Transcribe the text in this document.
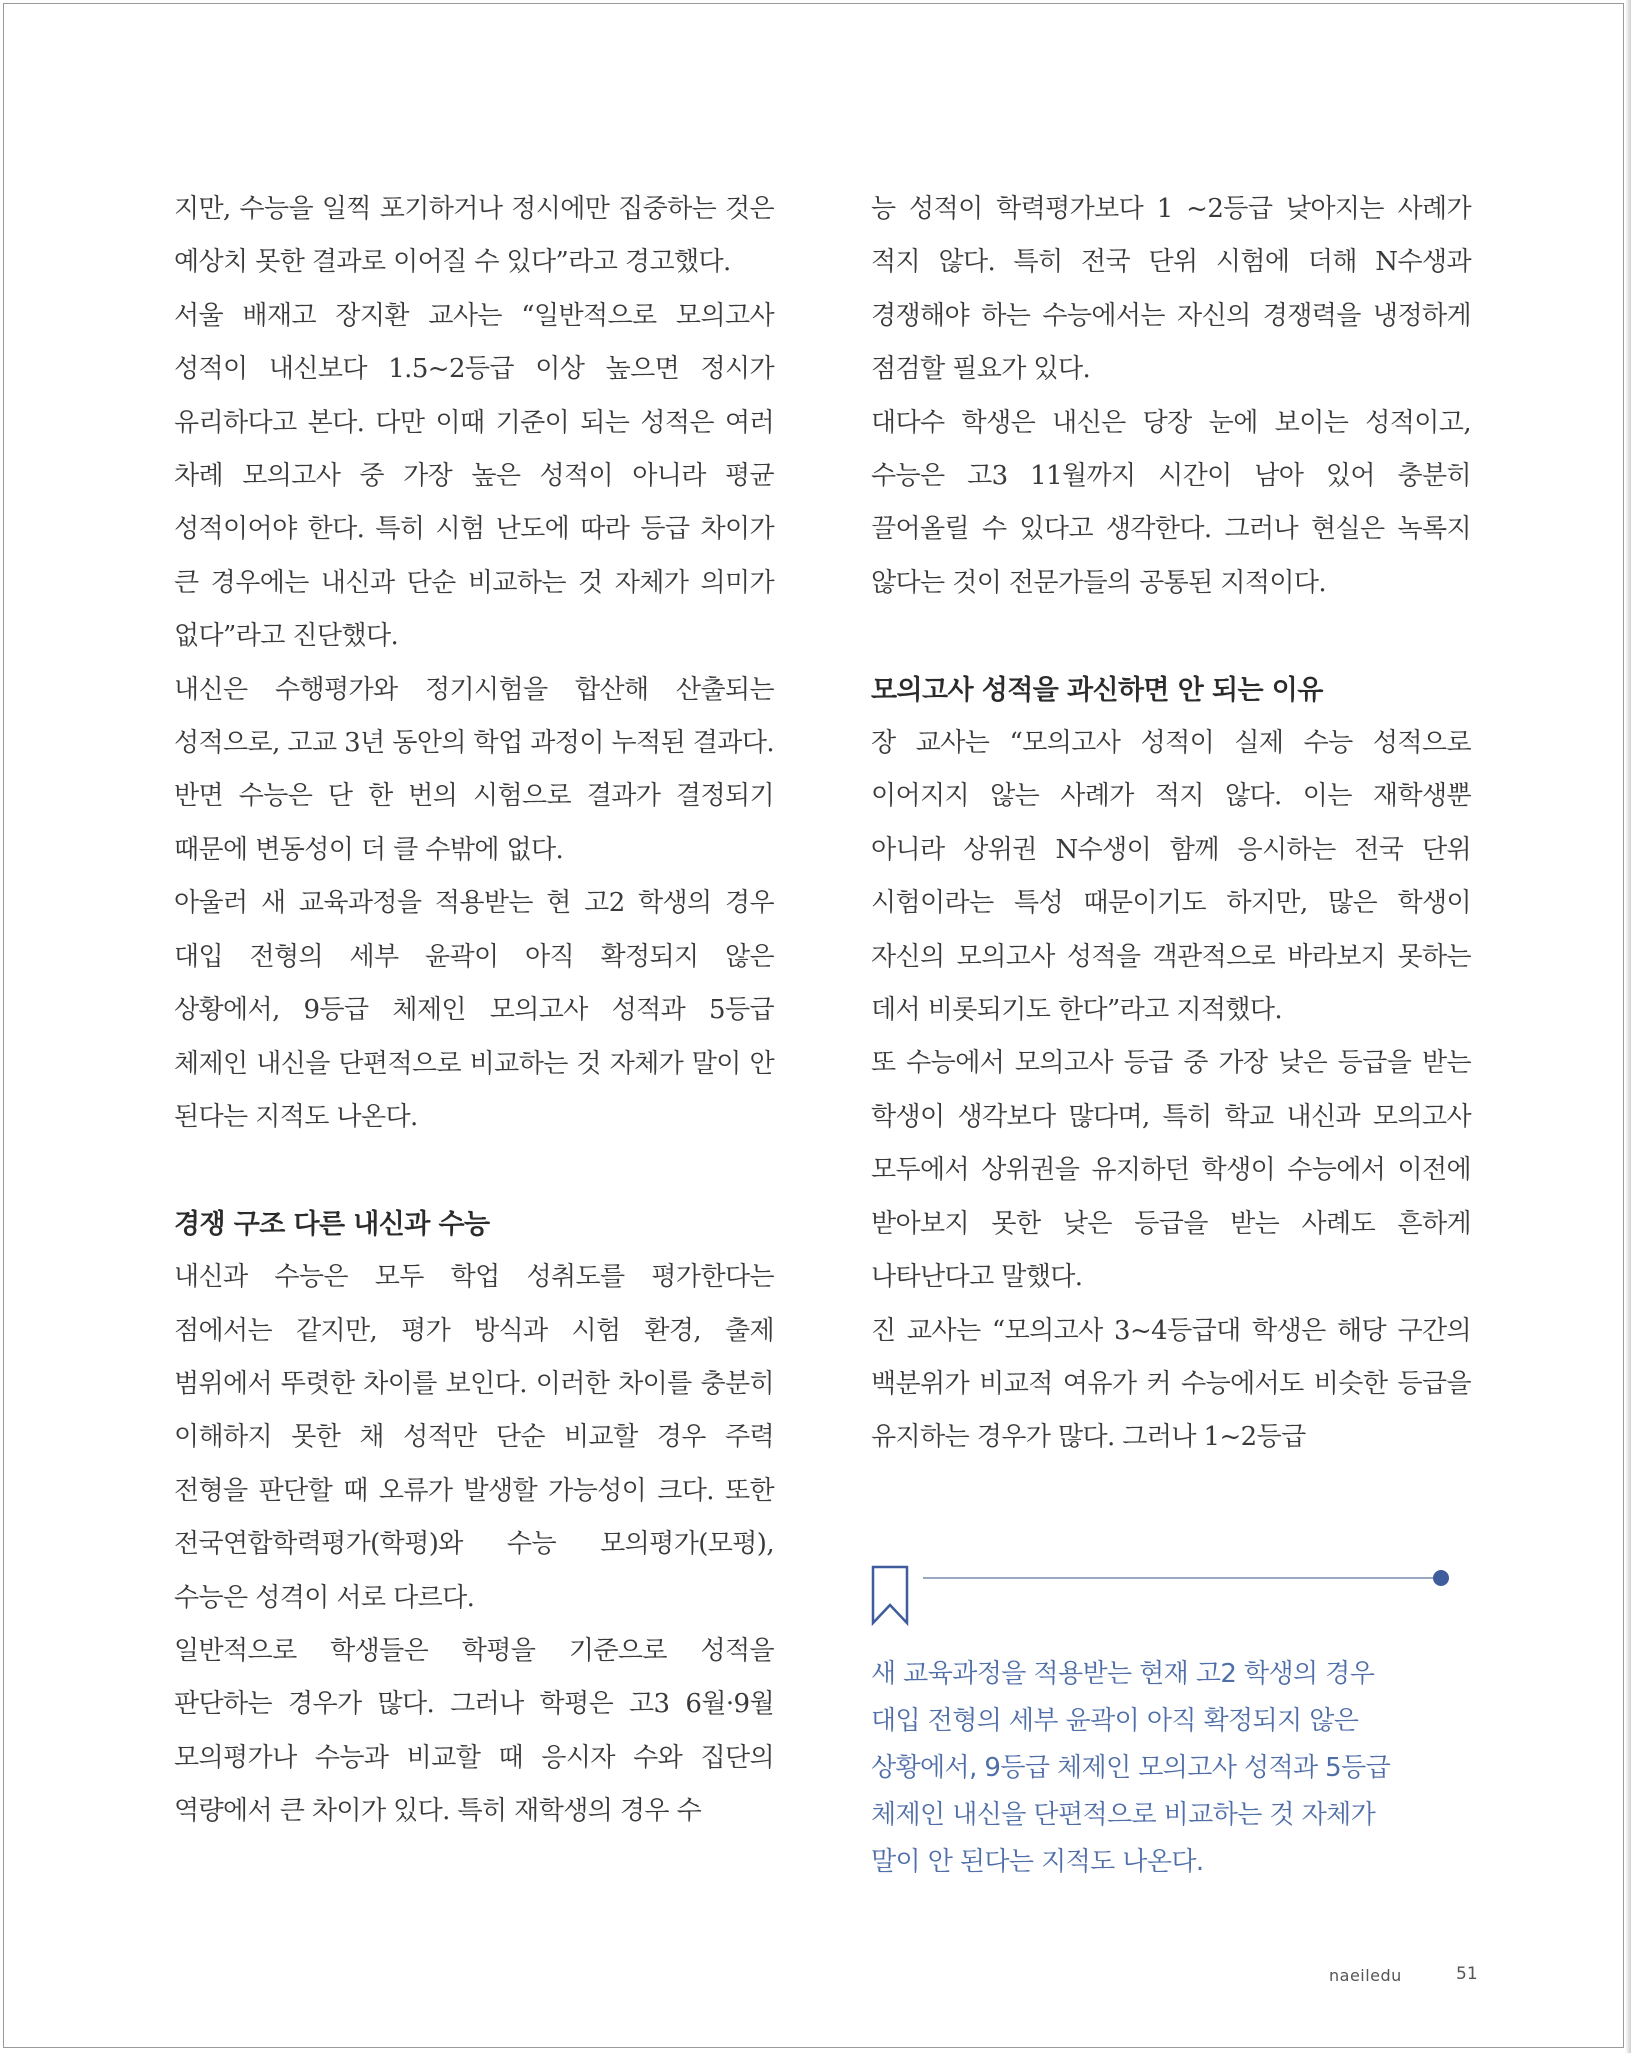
지만, 수능을 일찍 포기하거나 정시에만 집중하는 것은 예상치 못한 결과로 이어질 수 있다”라고 경고했다.

서울 배재고 장지환 교사는 “일반적으로 모의고사 성적이 내신보다 1.5~2등급 이상 높으면 정시가 유리하다고 본다. 다만 이때 기준이 되는 성적은 여러 차례 모의고사 중 가장 높은 성적이 아니라 평균 성적이어야 한다. 특히 시험 난도에 따라 등급 차이가 큰 경우에는 내신과 단순 비교하는 것 자체가 의미가 없다”라고 진단했다.

내신은 수행평가와 정기시험을 합산해 산출되는 성적으로, 고교 3년 동안의 학업 과정이 누적된 결과다. 반면 수능은 단 한 번의 시험으로 결과가 결정되기 때문에 변동성이 더 클 수밖에 없다.

아울러 새 교육과정을 적용받는 현 고2 학생의 경우 대입 전형의 세부 윤곽이 아직 확정되지 않은 상황에서, 9등급 체제인 모의고사 성적과 5등급 체제인 내신을 단편적으로 비교하는 것 자체가 말이 안 된다는 지적도 나온다.

경쟁 구조 다른 내신과 수능

내신과 수능은 모두 학업 성취도를 평가한다는 점에서는 같지만, 평가 방식과 시험 환경, 출제 범위에서 뚜렷한 차이를 보인다. 이러한 차이를 충분히 이해하지 못한 채 성적만 단순 비교할 경우 주력 전형을 판단할 때 오류가 발생할 가능성이 크다. 또한 전국연합학력평가(학평)와 수능 모의평가(모평), 수능은 성격이 서로 다르다.

일반적으로 학생들은 학평을 기준으로 성적을 판단하는 경우가 많다. 그러나 학평은 고3 6월·9월 모의평가나 수능과 비교할 때 응시자 수와 집단의 역량에서 큰 차이가 있다. 특히 재학생의 경우 수

능 성적이 학력평가보다 1 ~2등급 낮아지는 사례가 적지 않다. 특히 전국 단위 시험에 더해 N수생과 경쟁해야 하는 수능에서는 자신의 경쟁력을 냉정하게 점검할 필요가 있다.

대다수 학생은 내신은 당장 눈에 보이는 성적이고, 수능은 고3 11월까지 시간이 남아 있어 충분히 끌어올릴 수 있다고 생각한다. 그러나 현실은 녹록지 않다는 것이 전문가들의 공통된 지적이다.

모의고사 성적을 과신하면 안 되는 이유

장 교사는 “모의고사 성적이 실제 수능 성적으로 이어지지 않는 사례가 적지 않다. 이는 재학생뿐 아니라 상위권 N수생이 함께 응시하는 전국 단위 시험이라는 특성 때문이기도 하지만, 많은 학생이 자신의 모의고사 성적을 객관적으로 바라보지 못하는 데서 비롯되기도 한다”라고 지적했다.

또 수능에서 모의고사 등급 중 가장 낮은 등급을 받는 학생이 생각보다 많다며, 특히 학교 내신과 모의고사 모두에서 상위권을 유지하던 학생이 수능에서 이전에 받아보지 못한 낮은 등급을 받는 사례도 흔하게 나타난다고 말했다.

진 교사는 “모의고사 3~4등급대 학생은 해당 구간의 백분위가 비교적 여유가 커 수능에서도 비슷한 등급을 유지하는 경우가 많다. 그러나 1~2등급

새 교육과정을 적용받는 현재 고2 학생의 경우
대입 전형의 세부 윤곽이 아직 확정되지 않은
상황에서, 9등급 체제인 모의고사 성적과 5등급
체제인 내신을 단편적으로 비교하는 것 자체가
말이 안 된다는 지적도 나온다.

naeiledu	51
